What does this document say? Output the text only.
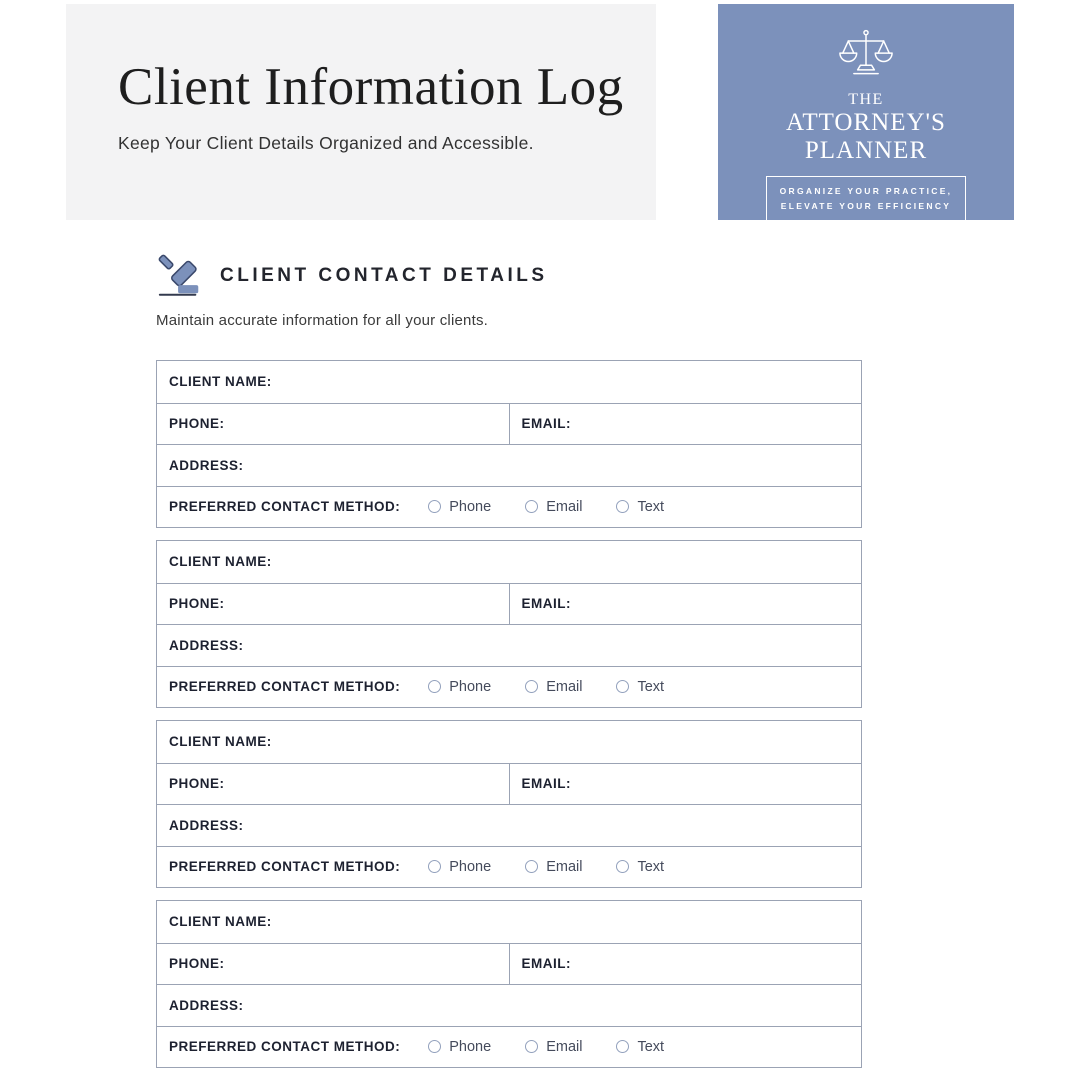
Client Information Log
Keep Your Client Details Organized and Accessible.
THE
ATTORNEY'S
PLANNER
ORGANIZE YOUR PRACTICE,
ELEVATE YOUR EFFICIENCY
CLIENT CONTACT DETAILS
Maintain accurate information for all your clients.
CLIENT NAME:
PHONE:	EMAIL:
ADDRESS:
PREFERRED CONTACT METHOD:	Phone	Email	Text
CLIENT NAME:
PHONE:	EMAIL:
ADDRESS:
PREFERRED CONTACT METHOD:	Phone	Email	Text
CLIENT NAME:
PHONE:	EMAIL:
ADDRESS:
PREFERRED CONTACT METHOD:	Phone	Email	Text
CLIENT NAME:
PHONE:	EMAIL:
ADDRESS:
PREFERRED CONTACT METHOD:	Phone	Email	Text
